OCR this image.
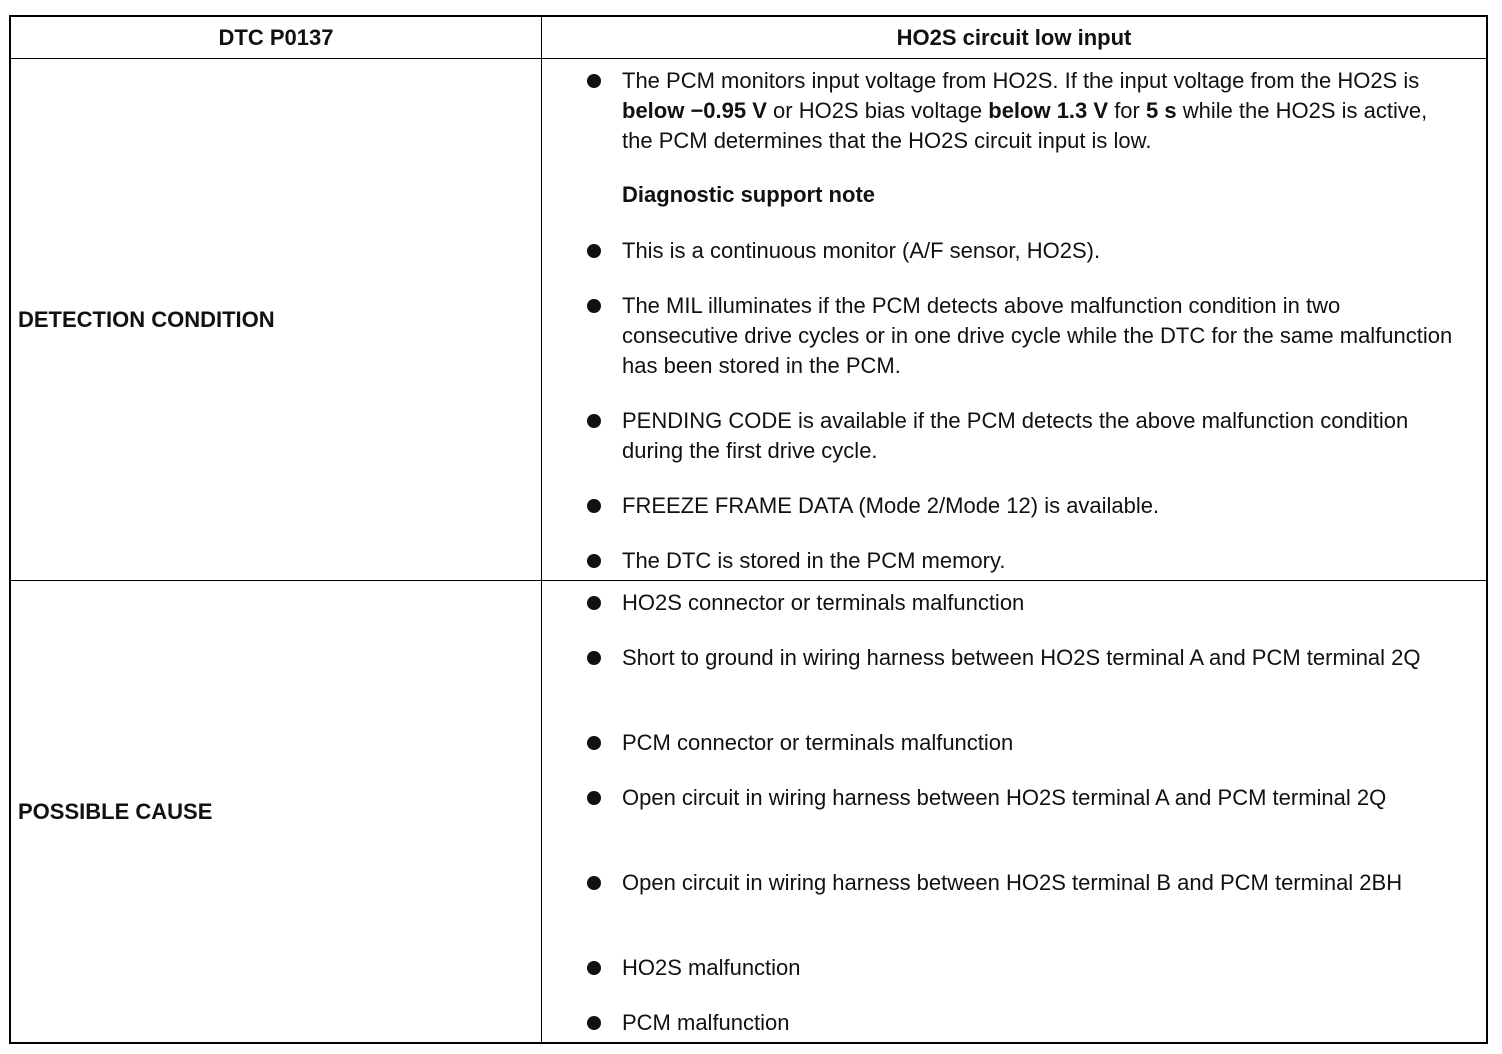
DTC P0137	HO2S circuit low input
DETECTION CONDITION
The PCM monitors input voltage from HO2S. If the input voltage from the HO2S is below −0.95 V or HO2S bias voltage below 1.3 V for 5 s while the HO2S is active, the PCM determines that the HO2S circuit input is low.
Diagnostic support note
This is a continuous monitor (A/F sensor, HO2S).
The MIL illuminates if the PCM detects above malfunction condition in two consecutive drive cycles or in one drive cycle while the DTC for the same malfunction has been stored in the PCM.
PENDING CODE is available if the PCM detects the above malfunction condition during the first drive cycle.
FREEZE FRAME DATA (Mode 2/Mode 12) is available.
The DTC is stored in the PCM memory.
POSSIBLE CAUSE
HO2S connector or terminals malfunction
Short to ground in wiring harness between HO2S terminal A and PCM terminal 2Q
PCM connector or terminals malfunction
Open circuit in wiring harness between HO2S terminal A and PCM terminal 2Q
Open circuit in wiring harness between HO2S terminal B and PCM terminal 2BH
HO2S malfunction
PCM malfunction
